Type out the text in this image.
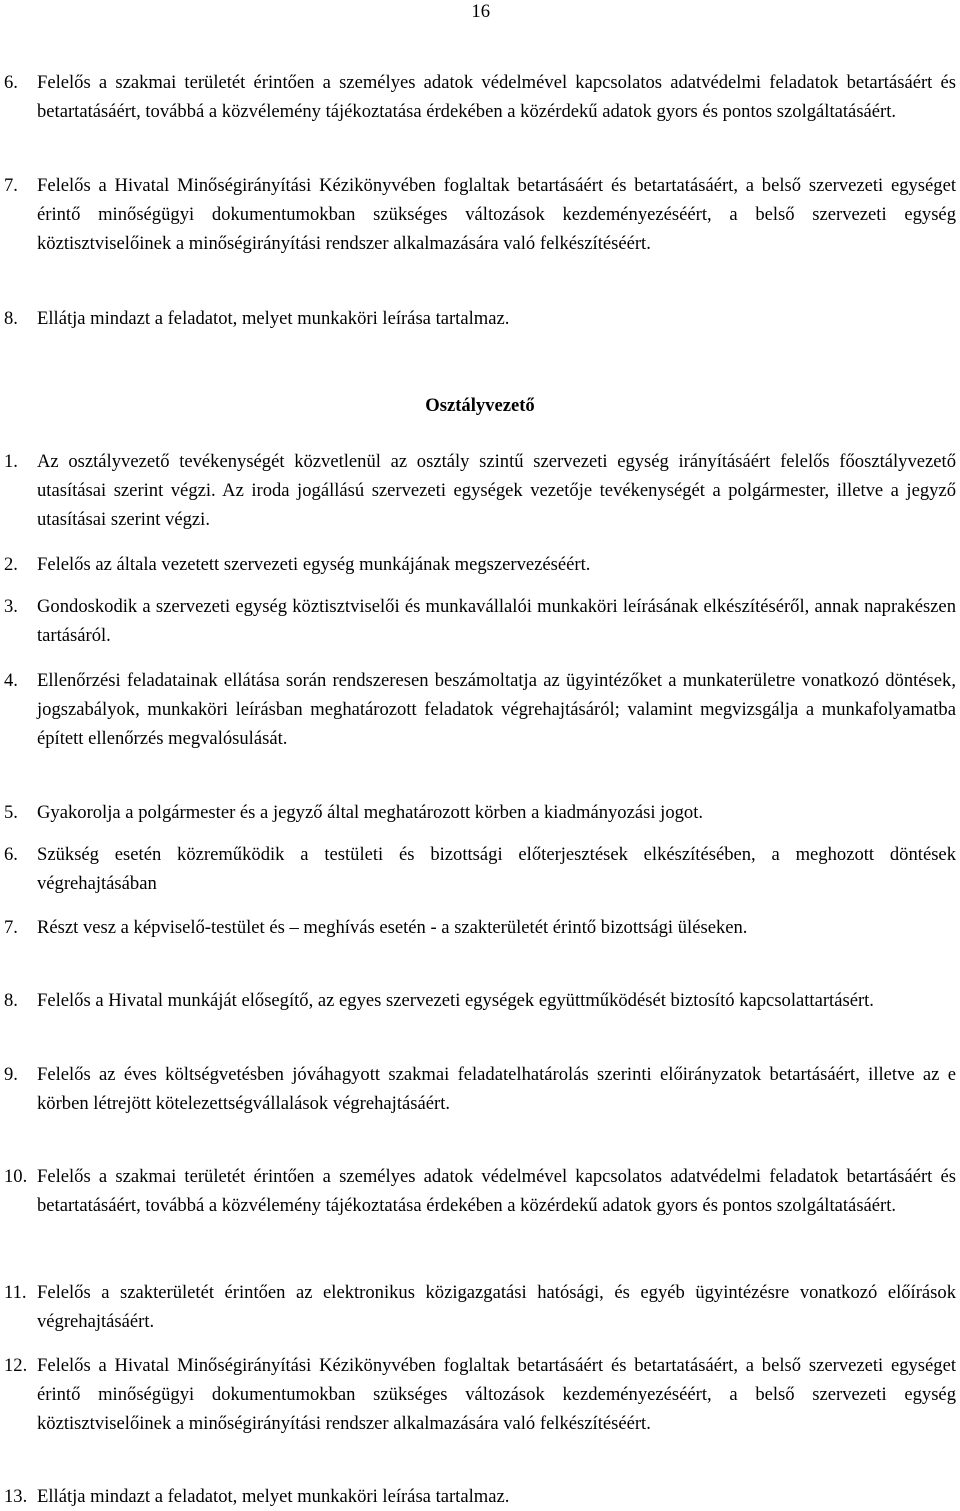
16
6. Felelős a szakmai területét érintően a személyes adatok védelmével kapcsolatos adatvédelmi feladatok betartásáért és betartatásáért, továbbá a közvélemény tájékoztatása érdekében a közérdekű adatok gyors és pontos szolgáltatásáért.
7. Felelős a Hivatal Minőségirányítási Kézikönyvében foglaltak betartásáért és betartatásáért, a belső szervezeti egységet érintő minőségügyi dokumentumokban szükséges változások kezdeményezéséért, a belső szervezeti egység köztisztviselőinek a minőségirányítási rendszer alkalmazására való felkészítéséért.
8. Ellátja mindazt a feladatot, melyet munkaköri leírása tartalmaz.
Osztályvezető
1. Az osztályvezető tevékenységét közvetlenül az osztály szintű szervezeti egység irányításáért felelős főosztályvezető utasításai szerint végzi. Az iroda jogállású szervezeti egységek vezetője tevékenységét a polgármester, illetve a jegyző utasításai szerint végzi.
2. Felelős az általa vezetett szervezeti egység munkájának megszervezéséért.
3. Gondoskodik a szervezeti egység köztisztviselői és munkavállalói munkaköri leírásának elkészítéséről, annak naprakészen tartásáról.
4. Ellenőrzési feladatainak ellátása során rendszeresen beszámoltatja az ügyintézőket a munkaterületre vonatkozó döntések, jogszabályok, munkaköri leírásban meghatározott feladatok végrehajtásáról; valamint megvizsgálja a munkafolyamatba épített ellenőrzés megvalósulását.
5. Gyakorolja a polgármester és a jegyző által meghatározott körben a kiadmányozási jogot.
6. Szükség esetén közreműködik a testületi és bizottsági előterjesztések elkészítésében, a meghozott döntések végrehajtásában
7. Részt vesz a képviselő-testület és – meghívás esetén - a szakterületét érintő bizottsági üléseken.
8. Felelős a Hivatal munkáját elősegítő, az egyes szervezeti egységek együttműködését biztosító kapcsolattartásért.
9. Felelős az éves költségvetésben jóváhagyott szakmai feladatelhatárolás szerinti előirányzatok betartásáért, illetve az e körben létrejött kötelezettségvállalások végrehajtásáért.
10. Felelős a szakmai területét érintően a személyes adatok védelmével kapcsolatos adatvédelmi feladatok betartásáért és betartatásáért, továbbá a közvélemény tájékoztatása érdekében a közérdekű adatok gyors és pontos szolgáltatásáért.
11. Felelős a szakterületét érintően az elektronikus közigazgatási hatósági, és egyéb ügyintézésre vonatkozó előírások végrehajtásáért.
12. Felelős a Hivatal Minőségirányítási Kézikönyvében foglaltak betartásáért és betartatásáért, a belső szervezeti egységet érintő minőségügyi dokumentumokban szükséges változások kezdeményezéséért, a belső szervezeti egység köztisztviselőinek a minőségirányítási rendszer alkalmazására való felkészítéséért.
13. Ellátja mindazt a feladatot, melyet munkaköri leírása tartalmaz.
